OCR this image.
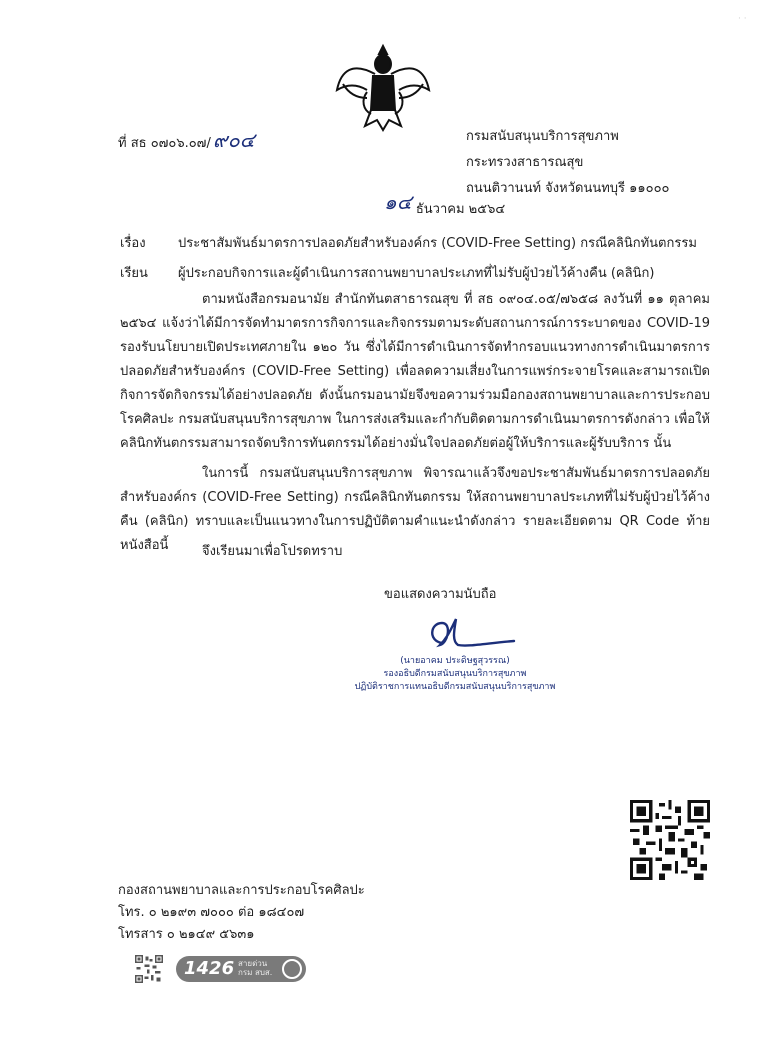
· ·
ที่ สธ ๐๗๐๖.๐๗/ ๙๐๔	กรมสนับสนุนบริการสุขภาพ
กระทรวงสาธารณสุข
ถนนติวานนท์ จังหวัดนนทบุรี ๑๑๐๐๐
๑๔ ธันวาคม ๒๕๖๔
เรื่อง ประชาสัมพันธ์มาตรการปลอดภัยสำหรับองค์กร (COVID-Free Setting) กรณีคลินิกทันตกรรม
เรียน ผู้ประกอบกิจการและผู้ดำเนินการสถานพยาบาลประเภทที่ไม่รับผู้ป่วยไว้ค้างคืน (คลินิก)

ตามหนังสือกรมอนามัย สำนักทันตสาธารณสุข ที่ สธ ๐๙๐๔.๐๕/๗๖๕๘ ลงวันที่ ๑๑ ตุลาคม ๒๕๖๔ แจ้งว่าได้มีการจัดทำมาตรการกิจการและกิจกรรมตามระดับสถานการณ์การระบาดของ COVID-19 รองรับนโยบายเปิดประเทศภายใน ๑๒๐ วัน ซึ่งได้มีการดำเนินการจัดทำกรอบแนวทางการดำเนินมาตรการปลอดภัยสำหรับองค์กร (COVID-Free Setting) เพื่อลดความเสี่ยงในการแพร่กระจายโรคและสามารถเปิดกิจการจัดกิจกรรมได้อย่างปลอดภัย ดังนั้นกรมอนามัยจึงขอความร่วมมือกองสถานพยาบาลและการประกอบโรคศิลปะ กรมสนับสนุนบริการสุขภาพ ในการส่งเสริมและกำกับติดตามการดำเนินมาตรการดังกล่าว เพื่อให้คลินิกทันตกรรมสามารถจัดบริการทันตกรรมได้อย่างมั่นใจปลอดภัยต่อผู้ให้บริการและผู้รับบริการ นั้น

ในการนี้ กรมสนับสนุนบริการสุขภาพ พิจารณาแล้วจึงขอประชาสัมพันธ์มาตรการปลอดภัยสำหรับองค์กร (COVID-Free Setting) กรณีคลินิกทันตกรรม ให้สถานพยาบาลประเภทที่ไม่รับผู้ป่วยไว้ค้างคืน (คลินิก) ทราบและเป็นแนวทางในการปฏิบัติตามคำแนะนำดังกล่าว รายละเอียดตาม QR Code ท้ายหนังสือนี้	จึงเรียนมาเพื่อโปรดทราบ

ขอแสดงความนับถือ
(นายอาคม ประดิษฐสุวรรณ)
รองอธิบดีกรมสนับสนุนบริการสุขภาพ
ปฏิบัติราชการแทนอธิบดีกรมสนับสนุนบริการสุขภาพ
กองสถานพยาบาลและการประกอบโรคศิลปะ
โทร. ๐ ๒๑๙๓ ๗๐๐๐ ต่อ ๑๘๔๐๗
โทรสาร ๐ ๒๑๔๙ ๕๖๓๑
1426 สายด่วน
กรม สบส.
